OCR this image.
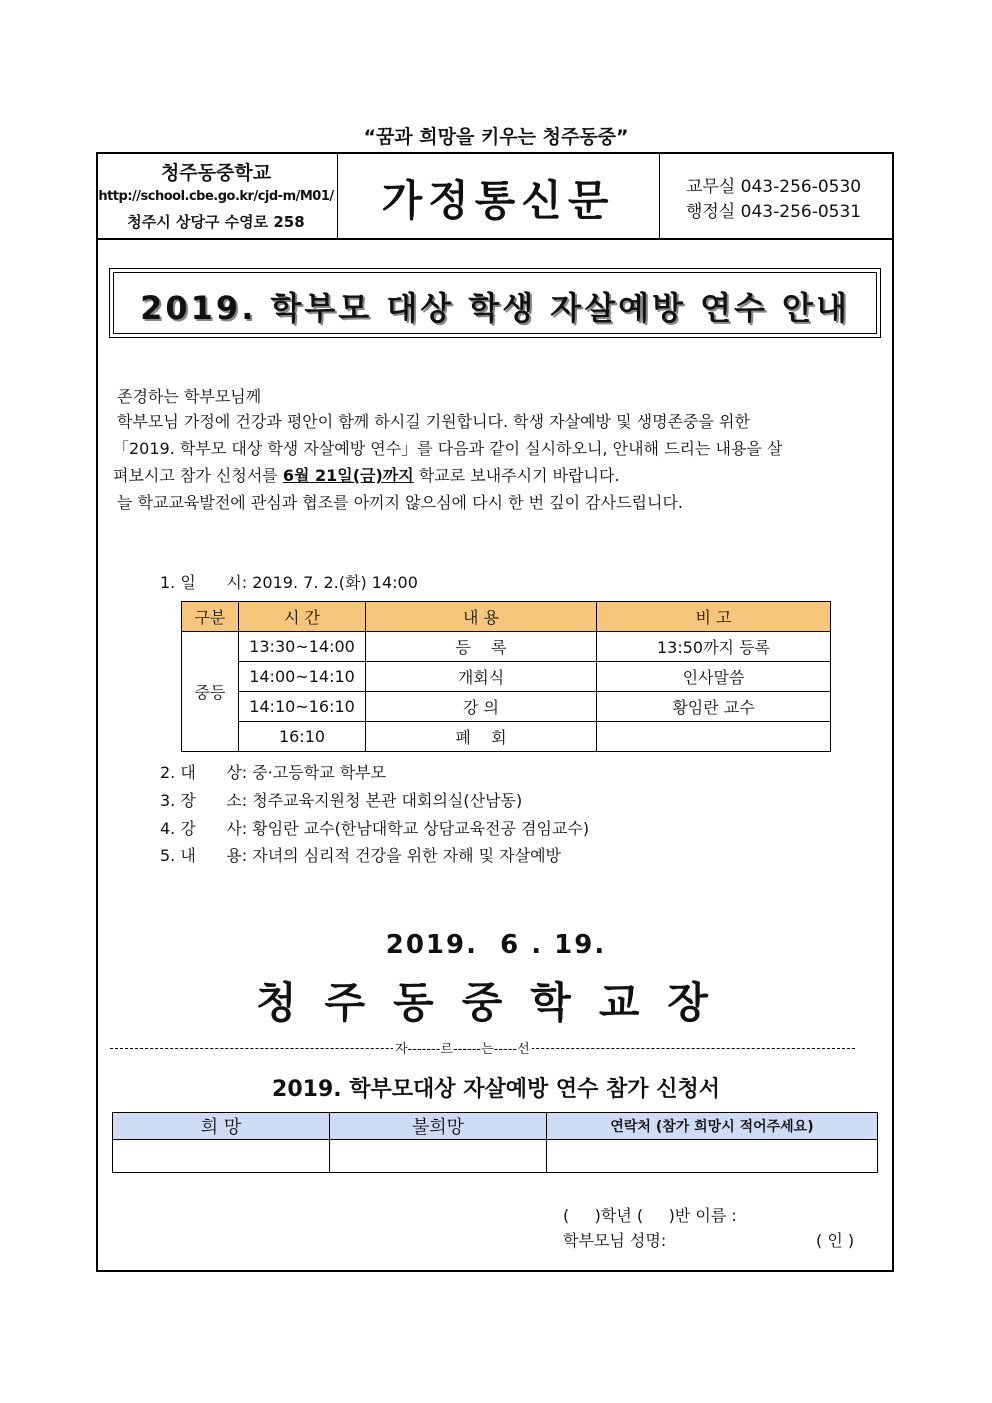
“꿈과 희망을 키우는 청주동중”
청주동중학교
http://school.cbe.go.kr/cjd-m/M01/
청주시 상당구 수영로 258	가정통신문	교무실 043-256-0530
행정실 043-256-0531
2019. 학부모 대상 학생 자살예방 연수 안내
존경하는 학부모님께
학부모님 가정에 건강과 평안이 함께 하시길 기원합니다. 학생 자살예방 및 생명존중을 위한
「2019. 학부모 대상 학생 자살예방 연수」를 다음과 같이 실시하오니, 안내해 드리는 내용을 살
펴보시고 참가 신청서를 6월 21일(금)까지 학교로 보내주시기 바랍니다.
늘 학교교육발전에 관심과 협조를 아끼지 않으심에 다시 한 번 깊이 감사드립니다.
1. 일      시: 2019. 7. 2.(화) 14:00
구분	시 간	내 용	비 고
중등	13:30~14:00	등    록	13:50까지 등록
	14:00~14:10	개회식	인사말씀
	14:10~16:10	강 의	황임란 교수
	16:10	폐    회	
2. 대      상: 중·고등학교 학부모
3. 장      소: 청주교육지원청 본관 대회의실(산남동)
4. 강      사: 황임란 교수(한남대학교 상담교육전공 겸임교수)
5. 내      용: 자녀의 심리적 건강을 위한 자해 및 자살예방
2019.  6 . 19.
청주동중학교장
자-------르------는-----선
2019. 학부모대상 자살예방 연수 참가 신청서
희 망	불희망	연락처 (참가 희망시 적어주세요)

(     )학년 (     )반 이름 :
학부모님 성명:	( 인 )
